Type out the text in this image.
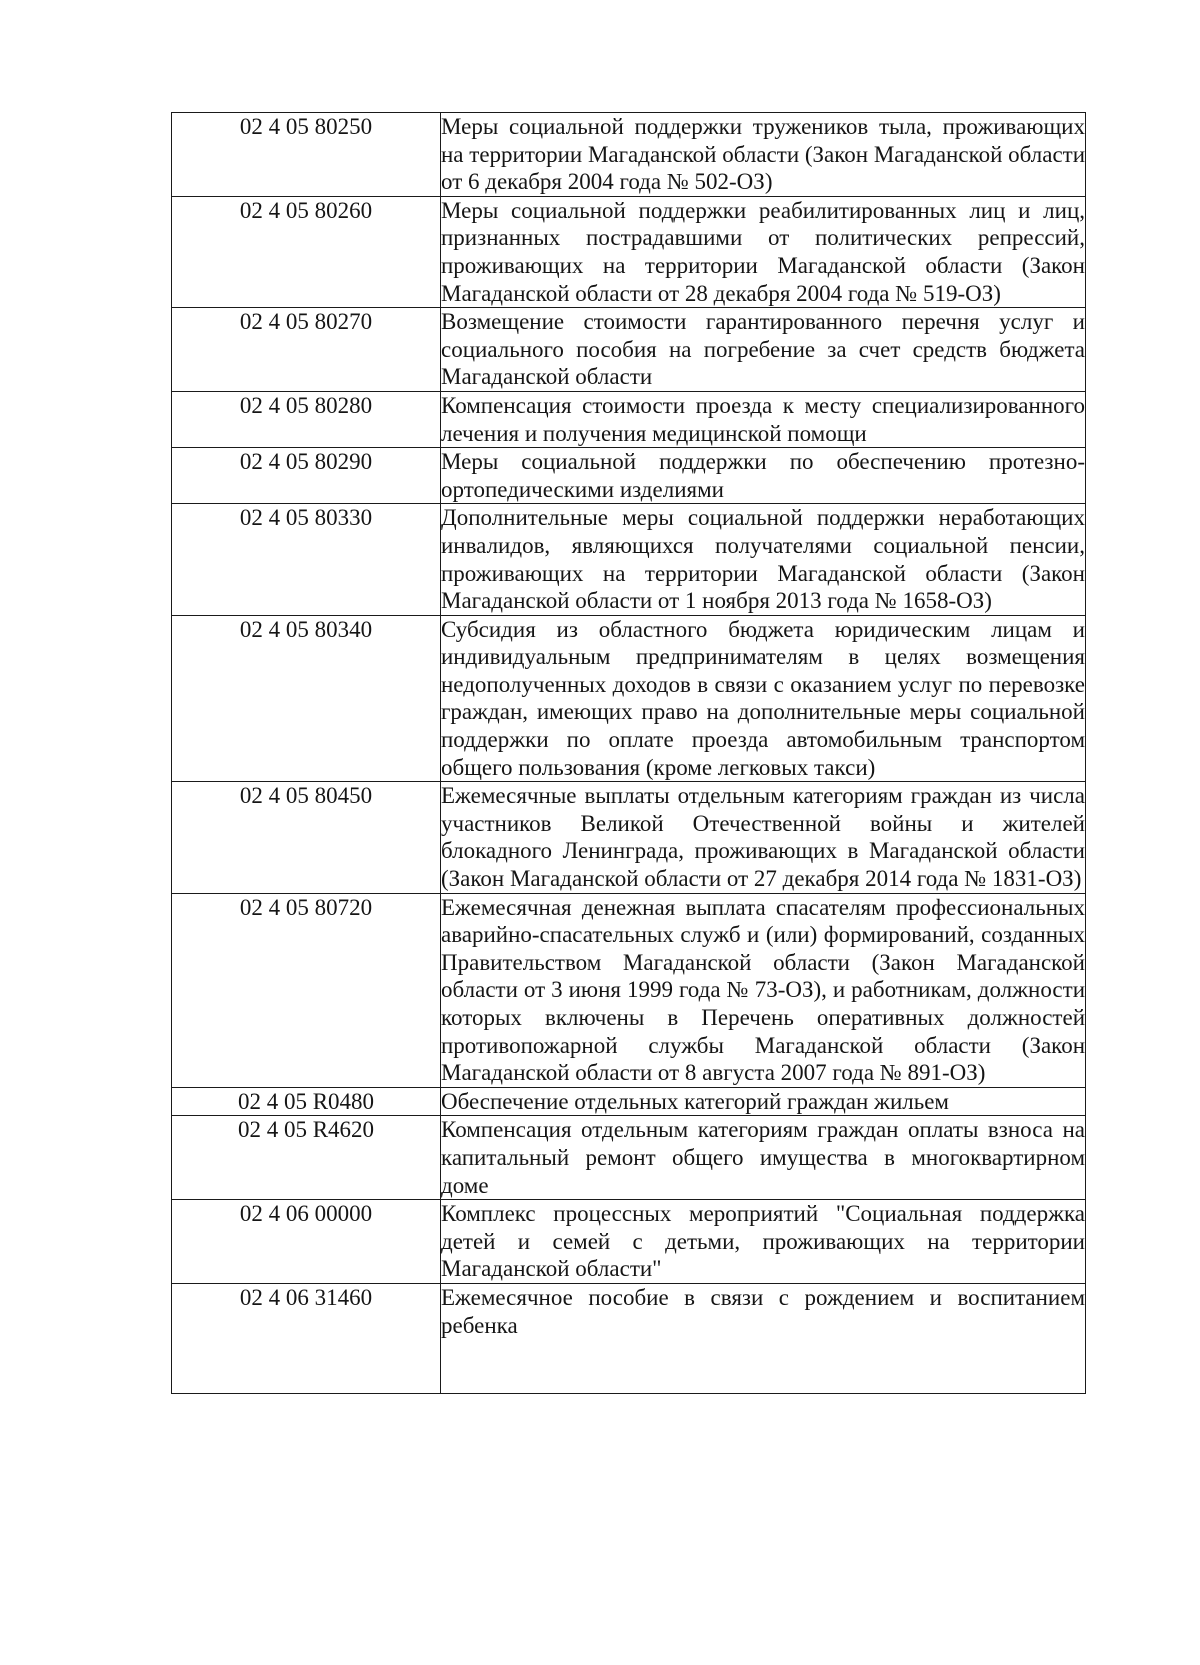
02 4 05 80250	Меры социальной поддержки тружеников тыла, проживающих на территории Магаданской области (Закон Магаданской области от 6 декабря 2004 года № 502-ОЗ)
02 4 05 80260	Меры социальной поддержки реабилитированных лиц и лиц, признанных пострадавшими от политических репрессий, проживающих на территории Магаданской области (Закон Магаданской области от 28 декабря 2004 года № 519-ОЗ)
02 4 05 80270	Возмещение стоимости гарантированного перечня услуг и социального пособия на погребение за счет средств бюджета Магаданской области
02 4 05 80280	Компенсация стоимости проезда к месту специализированного лечения и получения медицинской помощи
02 4 05 80290	Меры социальной поддержки по обеспечению протезно-ортопедическими изделиями
02 4 05 80330	Дополнительные меры социальной поддержки неработающих инвалидов, являющихся получателями социальной пенсии, проживающих на территории Магаданской области (Закон Магаданской области от 1 ноября 2013 года № 1658-ОЗ)
02 4 05 80340	Субсидия из областного бюджета юридическим лицам и индивидуальным предпринимателям в целях возмещения недополученных доходов в связи с оказанием услуг по перевозке граждан, имеющих право на дополнительные меры социальной поддержки по оплате проезда автомобильным транспортом общего пользования (кроме легковых такси)
02 4 05 80450	Ежемесячные выплаты отдельным категориям граждан из числа участников Великой Отечественной войны и жителей блокадного Ленинграда, проживающих в Магаданской области (Закон Магаданской области от 27 декабря 2014 года № 1831-ОЗ)
02 4 05 80720	Ежемесячная денежная выплата спасателям профессиональных аварийно-спасательных служб и (или) формирований, созданных Правительством Магаданской области (Закон Магаданской области от 3 июня 1999 года № 73-ОЗ), и работникам, должности которых включены в Перечень оперативных должностей противопожарной службы Магаданской области (Закон Магаданской области от 8 августа 2007 года № 891-ОЗ)
02 4 05 R0480	Обеспечение отдельных категорий граждан жильем
02 4 05 R4620	Компенсация отдельным категориям граждан оплаты взноса на капитальный ремонт общего имущества в многоквартирном доме
02 4 06 00000	Комплекс процессных мероприятий "Социальная поддержка детей и семей с детьми, проживающих на территории Магаданской области"
02 4 06 31460	Ежемесячное пособие в связи с рождением и воспитанием ребенка
